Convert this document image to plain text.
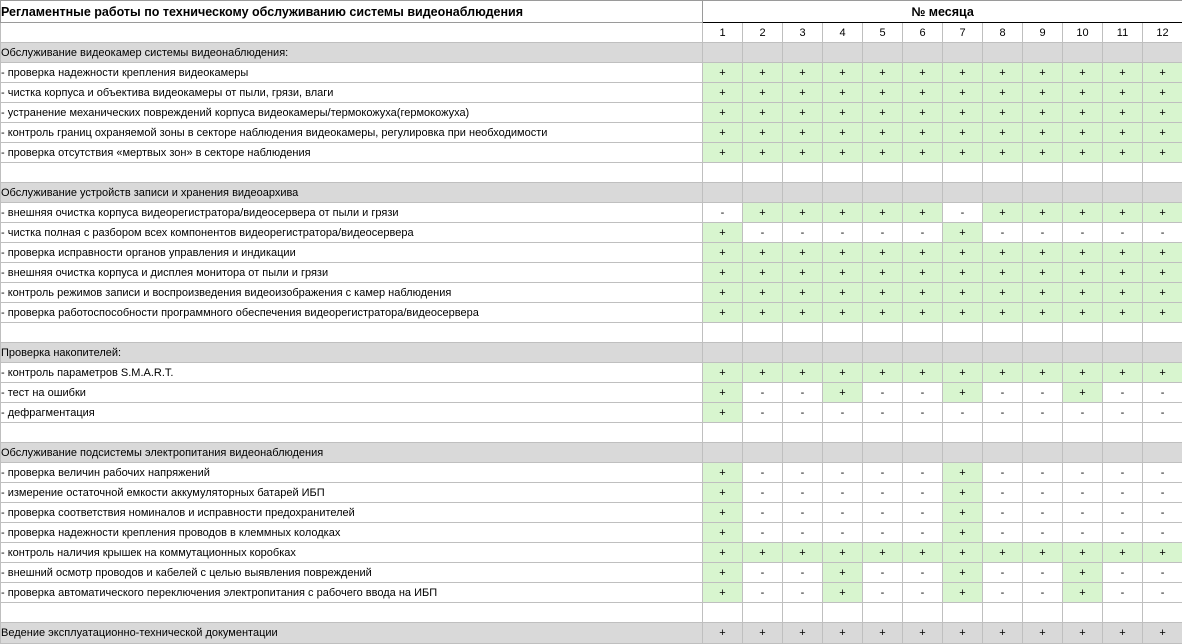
Регламентные работы по техническому обслуживанию системы видеонаблюдения	№ месяца											
	1	2	3	4	5	6	7	8	9	10	11	12
Обслуживание видеокамер системы видеонаблюдения:												
- проверка надежности крепления видеокамеры	+	+	+	+	+	+	+	+	+	+	+	+
- чистка корпуса и объектива видеокамеры от пыли, грязи, влаги	+	+	+	+	+	+	+	+	+	+	+	+
- устранение механических повреждений корпуса видеокамеры/термокожуха(гермокожуха)	+	+	+	+	+	+	+	+	+	+	+	+
- контроль границ охраняемой зоны в секторе наблюдения видеокамеры, регулировка при необходимости	+	+	+	+	+	+	+	+	+	+	+	+
- проверка отсутствия «мертвых зон» в секторе наблюдения	+	+	+	+	+	+	+	+	+	+	+	+

Обслуживание устройств записи и хранения видеоархива												
- внешняя очистка корпуса видеорегистратора/видеосервера от пыли и грязи	-	+	+	+	+	+	-	+	+	+	+	+
- чистка полная с разбором всех компонентов видеорегистратора/видеосервера	+	-	-	-	-	-	+	-	-	-	-	-
- проверка исправности органов управления и индикации	+	+	+	+	+	+	+	+	+	+	+	+
- внешняя очистка корпуса и дисплея монитора от пыли и грязи	+	+	+	+	+	+	+	+	+	+	+	+
- контроль режимов записи и воспроизведения видеоизображения с камер наблюдения	+	+	+	+	+	+	+	+	+	+	+	+
- проверка работоспособности программного обеспечения видеорегистратора/видеосервера	+	+	+	+	+	+	+	+	+	+	+	+

Проверка накопителей:												
- контроль параметров S.M.A.R.T.	+	+	+	+	+	+	+	+	+	+	+	+
- тест на ошибки	+	-	-	+	-	-	+	-	-	+	-	-
- дефрагментация	+	-	-	-	-	-	-	-	-	-	-	-

Обслуживание подсистемы электропитания видеонаблюдения												
- проверка величин рабочих напряжений	+	-	-	-	-	-	+	-	-	-	-	-
- измерение остаточной емкости аккумуляторных батарей ИБП	+	-	-	-	-	-	+	-	-	-	-	-
- проверка соответствия номиналов и исправности предохранителей	+	-	-	-	-	-	+	-	-	-	-	-
- проверка надежности крепления проводов в клеммных колодках	+	-	-	-	-	-	+	-	-	-	-	-
- контроль наличия крышек на коммутационных коробках	+	+	+	+	+	+	+	+	+	+	+	+
- внешний осмотр проводов и кабелей с целью выявления повреждений	+	-	-	+	-	-	+	-	-	+	-	-
- проверка автоматического переключения электропитания с рабочего ввода на ИБП	+	-	-	+	-	-	+	-	-	+	-	-

Ведение эксплуатационно-технической документации	+	+	+	+	+	+	+	+	+	+	+	+
